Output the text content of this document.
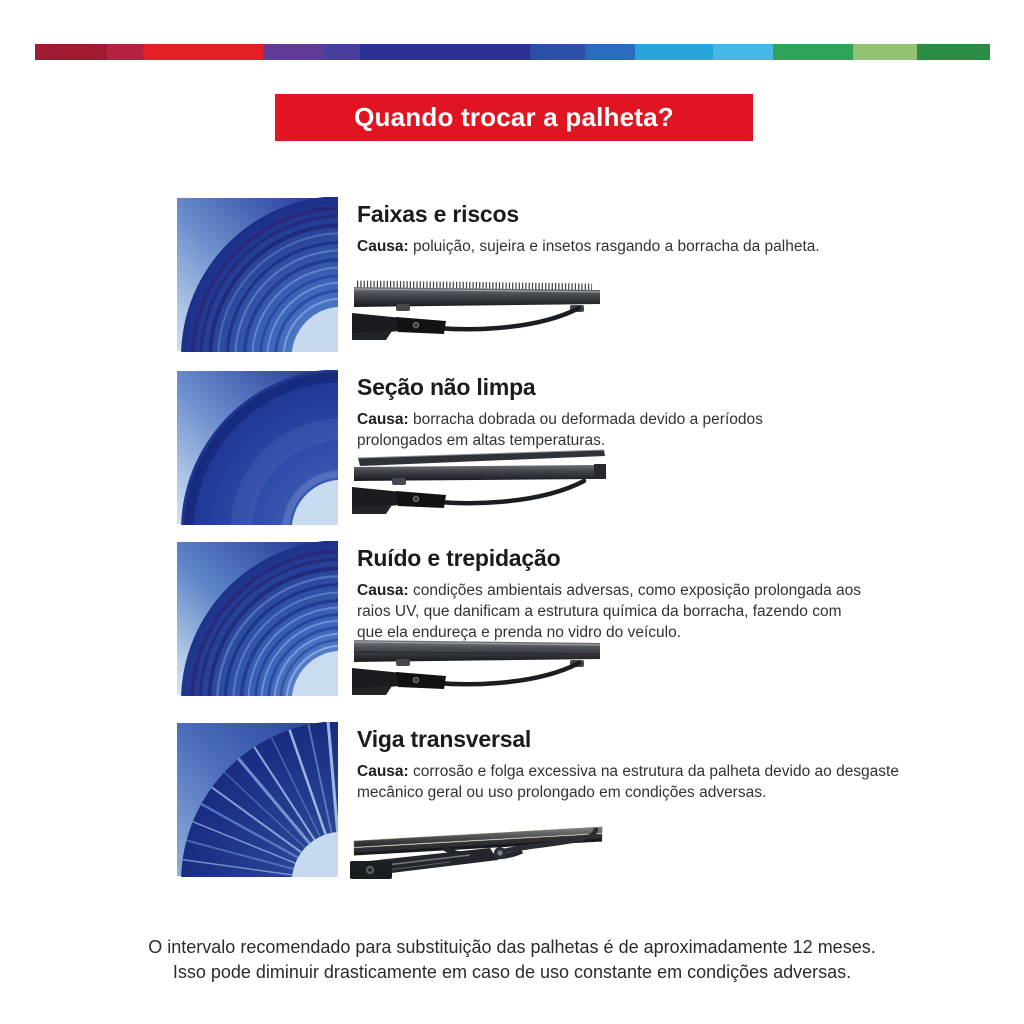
Quando trocar a palheta?
Faixas e riscos

Causa: poluição, sujeira e insetos rasgando a borracha da palheta.

Seção não limpa

Causa: borracha dobrada ou deformada devido a períodos prolongados em altas temperaturas.

Ruído e trepidação

Causa: condições ambientais adversas, como exposição prolongada aos raios UV, que danificam a estrutura química da borracha, fazendo com que ela endureça e prenda no vidro do veículo.

Viga transversal

Causa: corrosão e folga excessiva na estrutura da palheta devido ao desgaste mecânico geral ou uso prolongado em condições adversas.

O intervalo recomendado para substituição das palhetas é de aproximadamente 12 meses.
Isso pode diminuir drasticamente em caso de uso constante em condições adversas.
